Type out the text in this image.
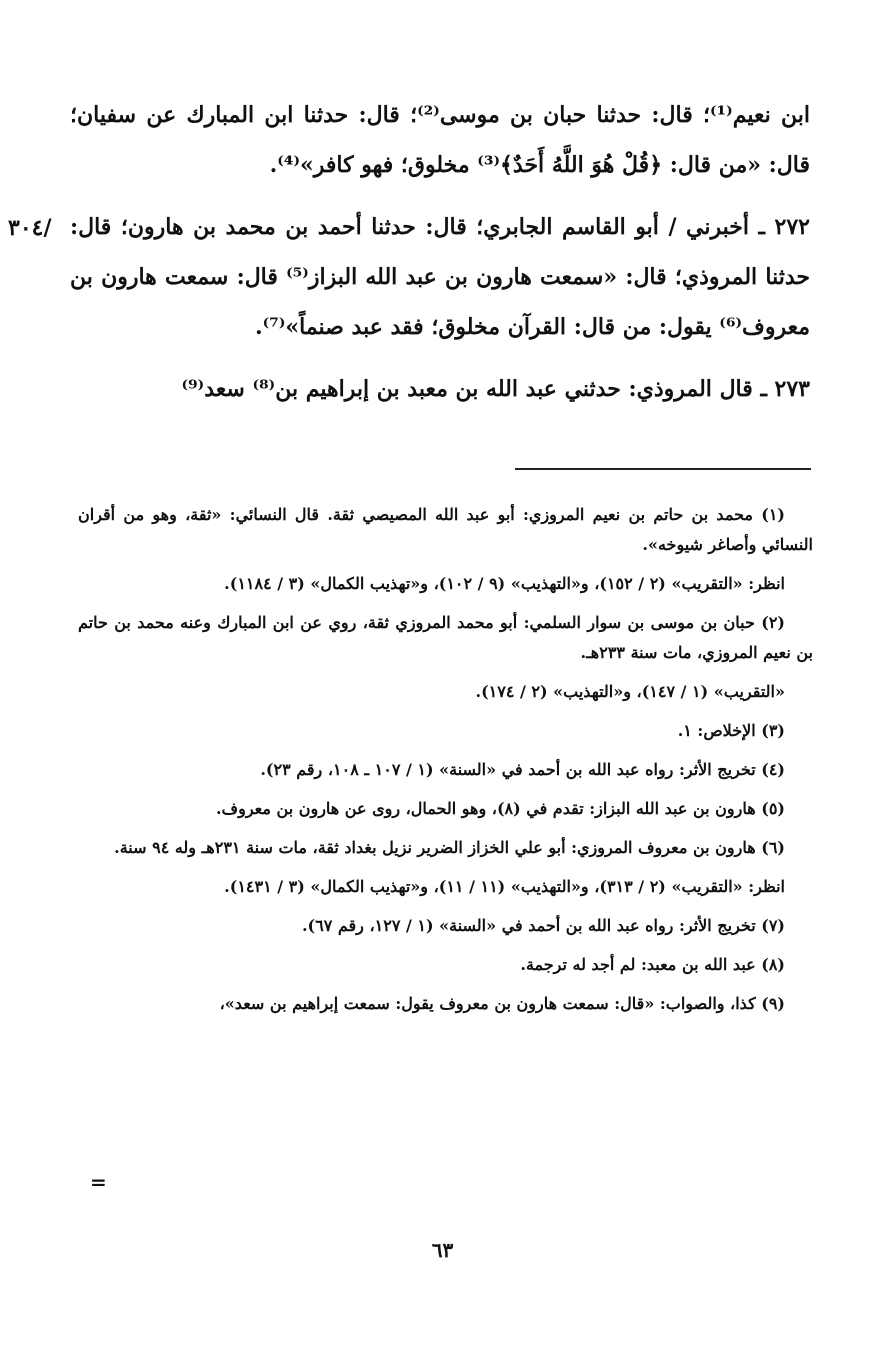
ابن نعيم⁽¹⁾؛ قال: حدثنا حبان بن موسى⁽²⁾؛ قال: حدثنا ابن المبارك عن سفيان؛ قال: «من قال: ﴿قُلْ هُوَ اللَّهُ أَحَدٌ﴾⁽³⁾ مخلوق؛ فهو كافر»⁽⁴⁾.

٢٧٢ ـ أخبرني / أبو القاسم الجابري؛ قال: حدثنا أحمد بن محمد بن هارون؛ قال: حدثنا المروذي؛ قال: «سمعت هارون بن عبد الله البزاز⁽⁵⁾ قال: سمعت هارون بن معروف⁽⁶⁾ يقول: من قال: القرآن مخلوق؛ فقد عبد صنماً»⁽⁷⁾.

٢٧٣ ـ قال المروذي: حدثني عبد الله بن معبد بن إبراهيم بن⁽⁸⁾ سعد⁽⁹⁾

/٣٠٤

(١) محمد بن حاتم بن نعيم المروزي: أبو عبد الله المصيصي ثقة. قال النسائي: «ثقة، وهو من أقران النسائي وأصاغر شيوخه».

انظر: «التقريب» (٢ / ١٥٢)، و«التهذيب» (٩ / ١٠٢)، و«تهذيب الكمال» (٣ / ١١٨٤).

(٢) حبان بن موسى بن سوار السلمي: أبو محمد المروزي ثقة، روي عن ابن المبارك وعنه محمد بن حاتم بن نعيم المروزي، مات سنة ٢٣٣هـ.

«التقريب» (١ / ١٤٧)، و«التهذيب» (٢ / ١٧٤).

(٣) الإخلاص: ١.

(٤) تخريج الأثر: رواه عبد الله بن أحمد في «السنة» (١ / ١٠٧ ـ ١٠٨، رقم ٢٣).

(٥) هارون بن عبد الله البزاز: تقدم في (٨)، وهو الحمال، روى عن هارون بن معروف.

(٦) هارون بن معروف المروزي: أبو علي الخزاز الضرير نزيل بغداد ثقة، مات سنة ٢٣١هـ وله ٩٤ سنة.

انظر: «التقريب» (٢ / ٣١٣)، و«التهذيب» (١١ / ١١)، و«تهذيب الكمال» (٣ / ١٤٣١).

(٧) تخريج الأثر: رواه عبد الله بن أحمد في «السنة» (١ / ١٢٧، رقم ٦٧).

(٨) عبد الله بن معبد: لم أجد له ترجمة.

(٩) كذا، والصواب: «قال: سمعت هارون بن معروف يقول: سمعت إبراهيم بن سعد»،

=
٦٣
